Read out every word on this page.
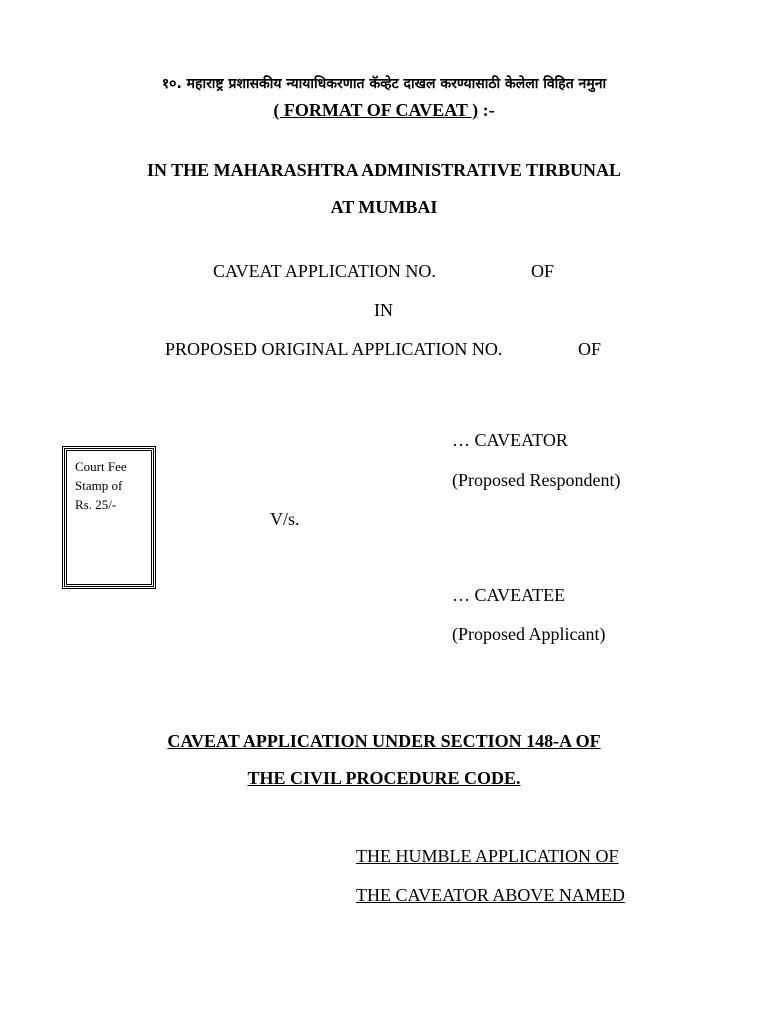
१०. महाराष्ट्र प्रशासकीय न्यायाधिकरणात कॅव्हेट दाखल करण्यासाठी केलेला विहित नमुना
( FORMAT OF CAVEAT ) :-
IN THE MAHARASHTRA ADMINISTRATIVE TIRBUNAL
AT MUMBAI
CAVEAT APPLICATION NO.	OF
IN
PROPOSED ORIGINAL APPLICATION NO.	OF
… CAVEATOR
(Proposed Respondent)
Court Fee
Stamp of
Rs. 25/-
V/s.
… CAVEATEE
(Proposed Applicant)
CAVEAT APPLICATION UNDER SECTION 148-A OF
THE CIVIL PROCEDURE CODE.
THE HUMBLE APPLICATION OF
THE CAVEATOR ABOVE NAMED
